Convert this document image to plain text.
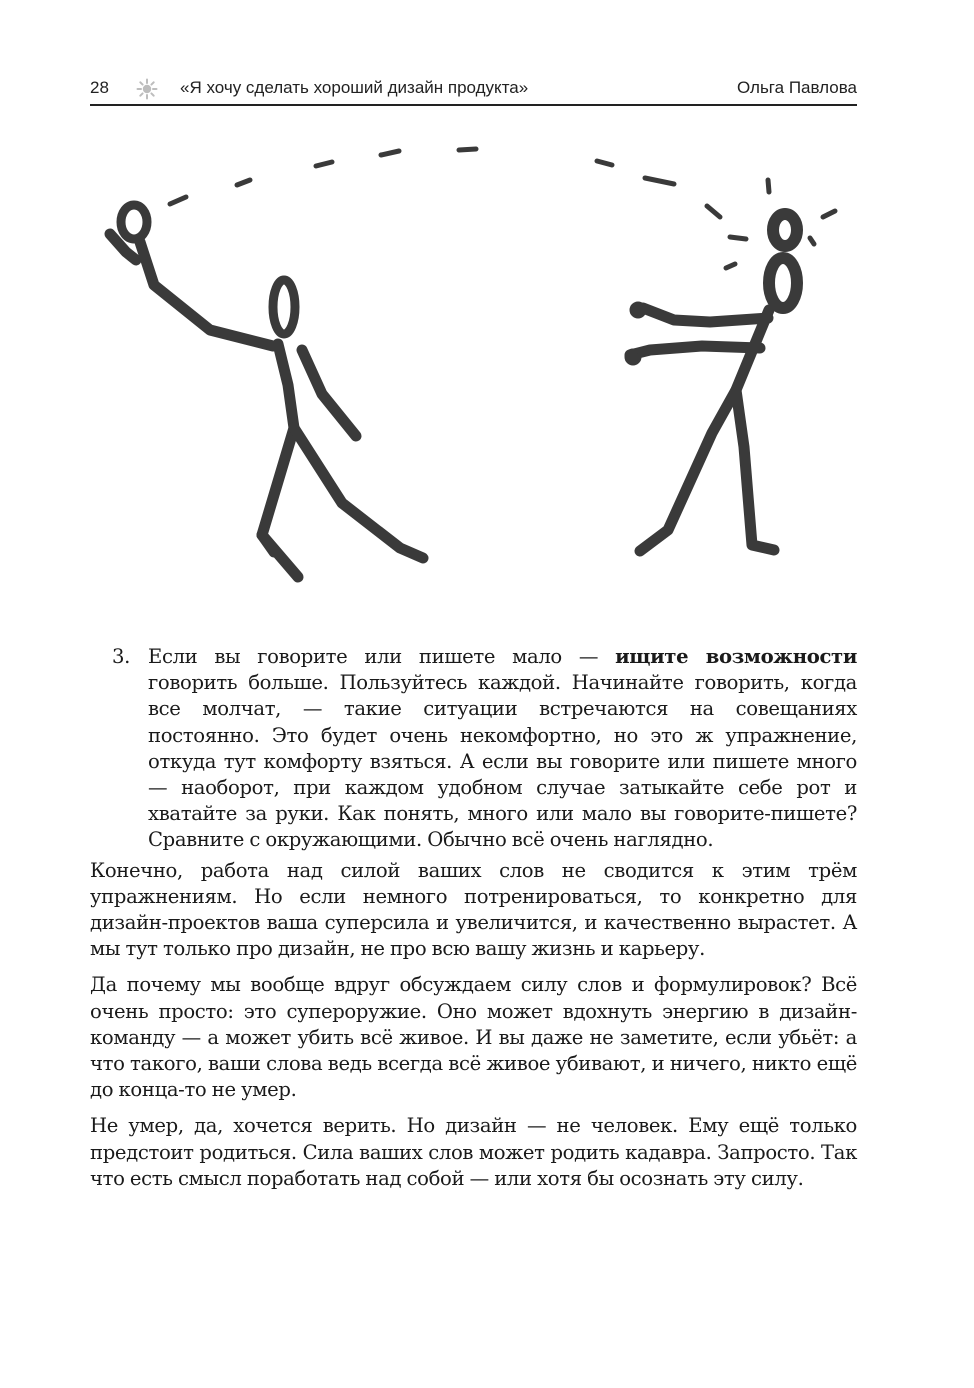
28	«Я хочу сделать хороший дизайн продукта»	Ольга Павлова
3. Если вы говорите или пишете мало — ищите возможности говорить больше. Пользуйтесь каждой. Начинайте говорить, когда все молчат, — такие ситуации встречаются на совещаниях постоянно. Это будет очень некомфортно, но это ж упражнение, откуда тут комфорту взяться. А если вы говорите или пишете много — наоборот, при каждом удобном случае затыкайте себе рот и хватайте за руки. Как понять, много или мало вы говорите-пишете? Сравните с окружающими. Обычно всё очень наглядно.

Конечно, работа над силой ваших слов не сводится к этим трём упражнениям. Но если немного потренироваться, то конкретно для дизайн-проектов ваша суперсила и увеличится, и качественно вырастет. А мы тут только про дизайн, не про всю вашу жизнь и карьеру.

Да почему мы вообще вдруг обсуждаем силу слов и формулировок? Всё очень просто: это супероружие. Оно может вдохнуть энергию в дизайн-команду — а может убить всё живое. И вы даже не заметите, если убьёт: а что такого, ваши слова ведь всегда всё живое убивают, и ничего, никто ещё до конца-то не умер.

Не умер, да, хочется верить. Но дизайн — не человек. Ему ещё только предстоит родиться. Сила ваших слов может родить кадавра. Запросто. Так что есть смысл поработать над собой — или хотя бы осознать эту силу.
